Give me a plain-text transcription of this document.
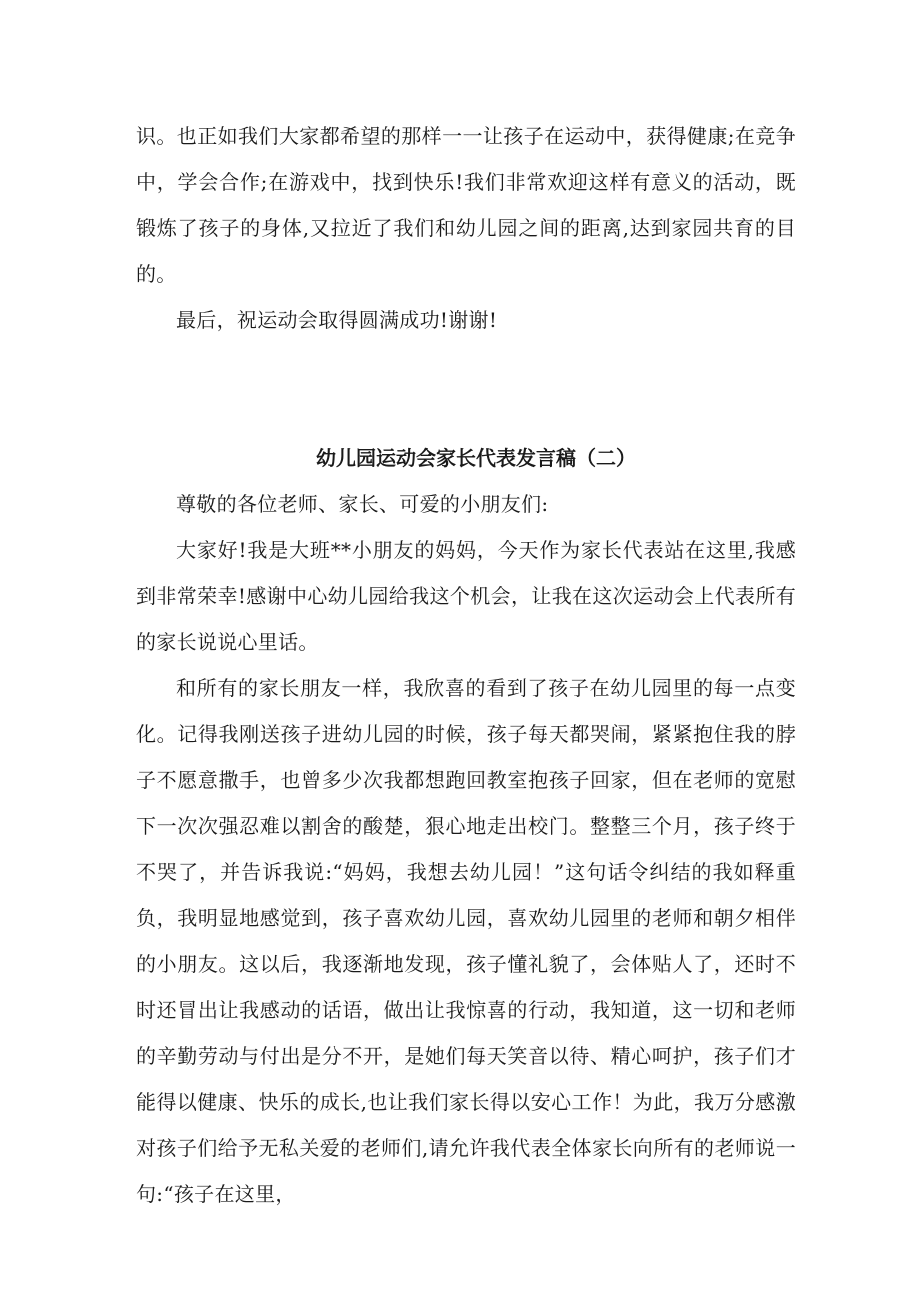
识。也正如我们大家都希望的那样一一让孩子在运动中，获得健康;在竞争中，学会合作;在游戏中，找到快乐!我们非常欢迎这样有意义的活动，既锻炼了孩子的身体,又拉近了我们和幼儿园之间的距离,达到家园共育的目的。

最后，祝运动会取得圆满成功!谢谢!

幼儿园运动会家长代表发言稿（二）

尊敬的各位老师、家长、可爱的小朋友们:

大家好!我是大班**小朋友的妈妈，今天作为家长代表站在这里,我感到非常荣幸!感谢中心幼儿园给我这个机会，让我在这次运动会上代表所有的家长说说心里话。

和所有的家长朋友一样，我欣喜的看到了孩子在幼儿园里的每一点变化。记得我刚送孩子进幼儿园的时候，孩子每天都哭闹，紧紧抱住我的脖子不愿意撒手，也曾多少次我都想跑回教室抱孩子回家，但在老师的宽慰下一次次强忍难以割舍的酸楚，狠心地走出校门。整整三个月，孩子终于不哭了，并告诉我说:“妈妈，我想去幼儿园！”这句话令纠结的我如释重负，我明显地感觉到，孩子喜欢幼儿园，喜欢幼儿园里的老师和朝夕相伴的小朋友。这以后，我逐渐地发现，孩子懂礼貌了，会体贴人了，还时不时还冒出让我感动的话语，做出让我惊喜的行动，我知道，这一切和老师的辛勤劳动与付出是分不开，是她们每天笑音以待、精心呵护，孩子们才能得以健康、快乐的成长,也让我们家长得以安心工作！为此，我万分感激对孩子们给予无私关爱的老师们,请允许我代表全体家长向所有的老师说一句:“孩子在这里，
